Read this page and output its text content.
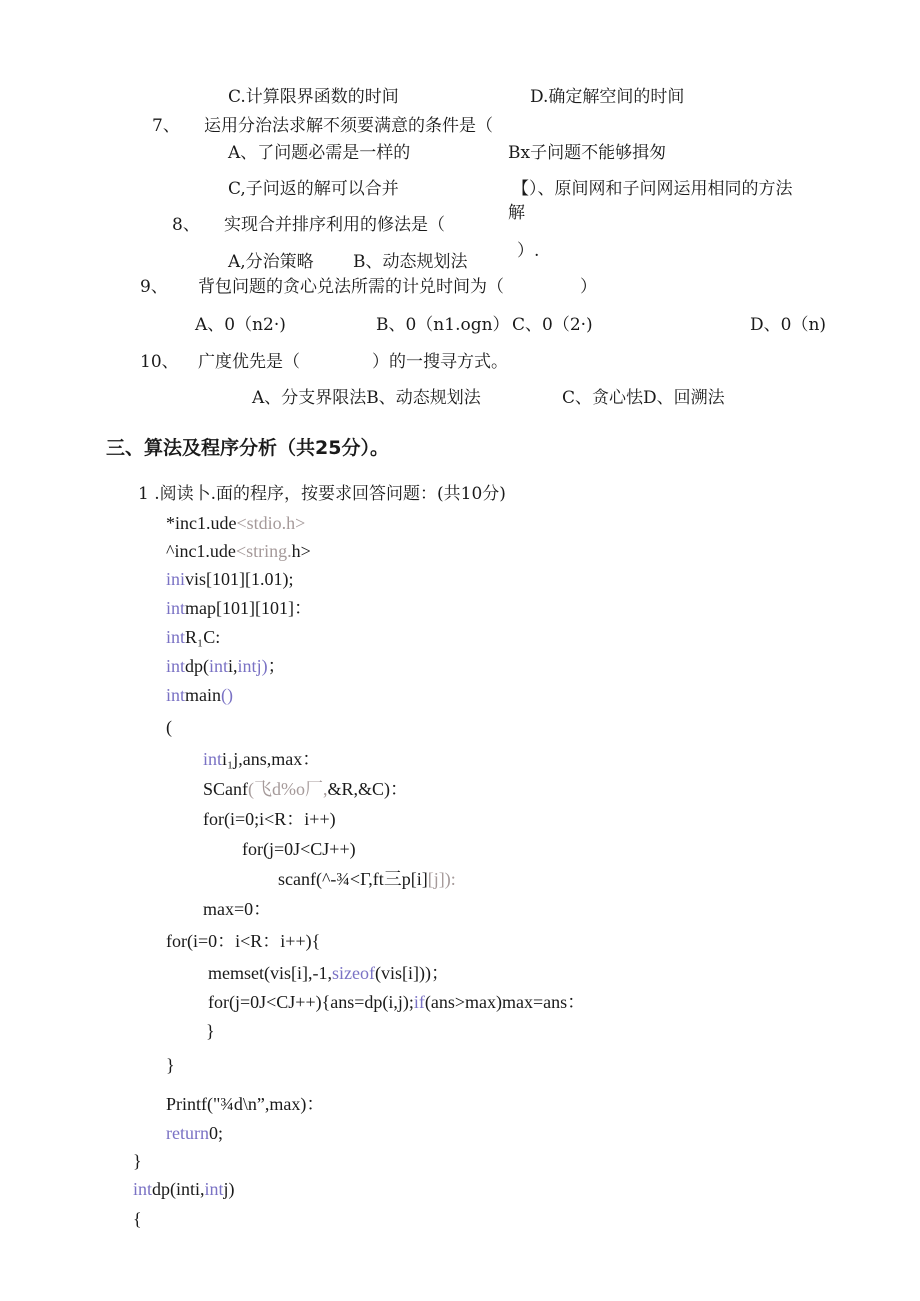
C.计算限界函数的时间	D.确定解空间的时间
7、 运用分治法求解不须要满意的条件是（
A、了问题必需是一样的	Bx子问题不能够揖匆
C,子问返的解可以合并	【）、原间网和子问网运用相同的方法
解
8、 实现合并排序利用的修法是（
）.
A,分治策略 B、动态规划法
9、 背包问题的贪心兑法所需的计兑时间为（	）
A、0（n2·)	B、0（n1.ogn） C、0（2·)	D、0（n)
10、 广度优先是（	）的一搜寻方式。
A、分支界限法B、动态规划法	C、贪心怯D、回溯法
三、算法及程序分析（共25分）。
1 .阅读卜.面的程序，按要求回答问题：(共10分)
*inc1.ude<stdio.h>
^inc1.ude<string.h>
inivis[101][1.01);
intmap[101][101]：
intR₁C:
intdp(inti,intj)；
intmain()
(
inti₁j,ans,max：
SCanf(飞d%o厂,&R,&C)：
for(i=0;i<R：i++)
for(j=0J<CJ++)
scanf(^-¾<Γ,ft三p[i][j]):
max=0：
for(i=0：i<R：i++){
memset(vis[i],-1,sizeof(vis[i]))；
for(j=0J<CJ++){ans=dp(i,j);if(ans>max)max=ans：
}
}
Printf("¾d\n”,max)：
return0;
}
intdp(inti,intj)
{
